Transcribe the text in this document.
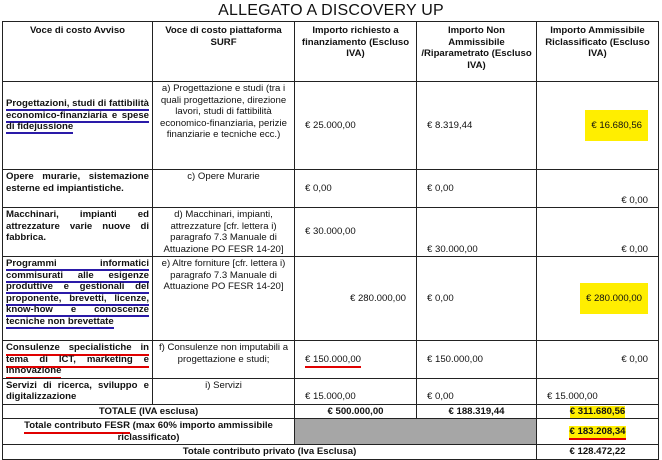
ALLEGATO A DISCOVERY UP
Voce di costo Avviso	Voce di costo piattaforma SURF	Importo richiesto a finanziamento (Escluso IVA)	Importo Non Ammissibile /Riparametrato (Escluso IVA)	Importo Ammissibile Riclassificato (Escluso IVA)
Progettazioni, studi di fattibilità economico-finanziaria e spese di fidejussione	a) Progettazione e studi (tra i quali progettazione, direzione lavori, studi di fattibilità economico-finanziaria, perizie finanziarie e tecniche ecc.)	€ 25.000,00	€ 8.319,44	€ 16.680,56
Opere murarie, sistemazione esterne ed impiantistiche.	c) Opere Murarie	€ 0,00	€ 0,00	€ 0,00
Macchinari, impianti ed attrezzature varie nuove di fabbrica.	d) Macchinari, impianti, attrezzature [cfr. lettera i) paragrafo 7.3 Manuale di Attuazione PO FESR 14-20]	€ 30.000,00	€ 30.000,00	€ 0,00
Programmi informatici commisurati alle esigenze produttive e gestionali del proponente, brevetti, licenze, know-how e conoscenze tecniche non brevettate	e) Altre forniture [cfr. lettera i) paragrafo 7.3 Manuale di Attuazione PO FESR 14-20]	€ 280.000,00	€ 0,00	€ 280.000,00
Consulenze specialistiche in tema di ICT, marketing e innovazione	f) Consulenze non imputabili a progettazione e studi;	€ 150.000,00	€ 150.000,00	€ 0,00
Servizi di ricerca, sviluppo e digitalizzazione	i) Servizi	€ 15.000,00	€ 0,00	€ 15.000,00
TOTALE (IVA esclusa)		€ 500.000,00	€ 188.319,44	€ 311.680,56
Totale contributo FESR (max 60% importo ammissibile riclassificato)				€ 183.208,34
Totale contributo privato (Iva Esclusa)				€ 128.472,22
